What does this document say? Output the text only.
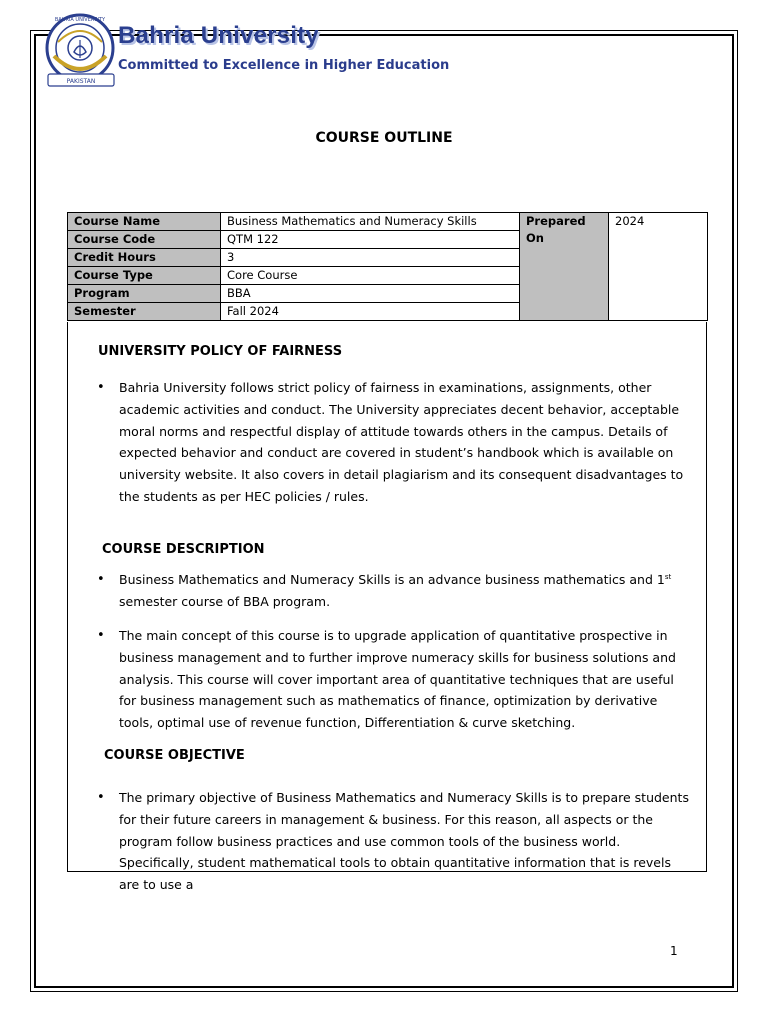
PAKISTAN
BAHRIA UNIVERSITY
Bahria University
Committed to Excellence in Higher Education
COURSE OUTLINE
Course Name	Business Mathematics and Numeracy Skills	Prepared On	2024
Course Code	QTM 122		
Credit Hours	3		
Course Type	Core Course		
Program	BBA		
Semester	Fall 2024		
UNIVERSITY POLICY OF FAIRNESS
• Bahria University follows strict policy of fairness in examinations, assignments, other academic activities and conduct. The University appreciates decent behavior, acceptable moral norms and respectful display of attitude towards others in the campus. Details of expected behavior and conduct are covered in student’s handbook which is available on university website. It also covers in detail plagiarism and its consequent disadvantages to the students as per HEC policies / rules.
COURSE DESCRIPTION
• Business Mathematics and Numeracy Skills is an advance business mathematics and 1st semester course of BBA program.
• The main concept of this course is to upgrade application of quantitative prospective in business management and to further improve numeracy skills for business solutions and analysis. This course will cover important area of quantitative techniques that are useful for business management such as mathematics of finance, optimization by derivative tools, optimal use of revenue function, Differentiation & curve sketching.
COURSE OBJECTIVE
• The primary objective of Business Mathematics and Numeracy Skills is to prepare students for their future careers in management & business. For this reason, all aspects or the program follow business practices and use common tools of the business world. Specifically, student mathematical tools to obtain quantitative information that is revels are to use a
1
